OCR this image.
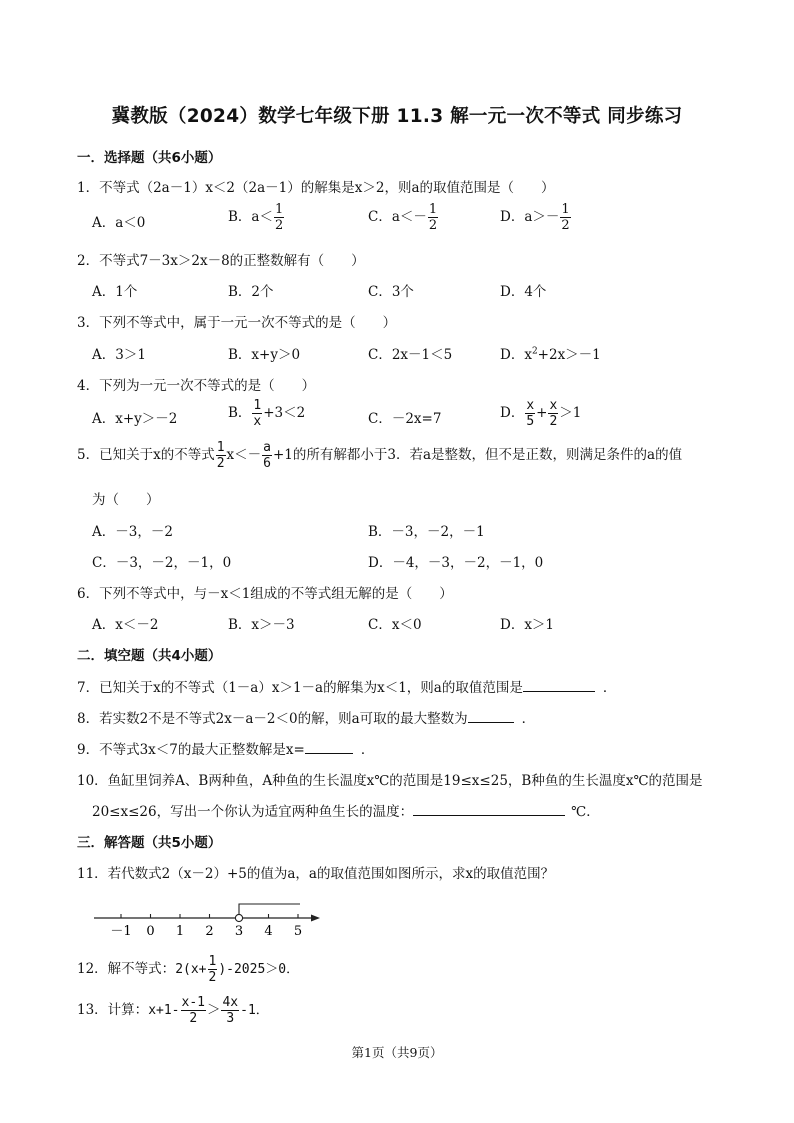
冀教版（2024）数学七年级下册 11.3 解一元一次不等式 同步练习
一．选择题（共6小题）
1．不等式（2a－1）x＜2（2a－1）的解集是x＞2，则a的取值范围是（　　）
A．a＜0	B．$a< \frac{1}{2}$	C．$a<- \frac{1}{2}$	D．$a>- \frac{1}{2}$
2．不等式7－3x＞2x－8的正整数解有（　　）
A．1个	B．2个	C．3个	D．4个
3．下列不等式中，属于一元一次不等式的是（　　）
A．3＞1	B．x+y＞0	C．2x－1＜5	D．$x^2+2x>-1$
4．下列为一元一次不等式的是（　　）
A．x+y＞－2	B． $\frac{1}{x} +3<2$	C．－2x=7	D． $\frac{x}{5} + \frac{x}{2} >1$
5．已知关于x的不等式 $\frac{1}{2} x<- \frac{a}{6} +1$的所有解都小于3．若a是整数，但不是正数，则满足条件的a的值
为（　　）
A．－3，－2	B．－3，－2，－1
C．－3，－2，－1，0	D．－4，－3，－2，－1，0
6．下列不等式中，与－x＜1组成的不等式组无解的是（　　）
A．x＜－2	B．x＞－3	C．x＜0	D．x＞1
二．填空题（共4小题）
7．已知关于x的不等式（1－a）x＞1－a的解集为x＜1，则a的取值范围是	．
8．若实数2不是不等式2x－a－2＜0的解，则a可取的最大整数为	．
9．不等式3x＜7的最大正整数解是x=	．
10．鱼缸里饲养A、B两种鱼，A种鱼的生长温度x℃的范围是19≤x≤25，B种鱼的生长温度x℃的范围是
20≤x≤26，写出一个你认为适宜两种鱼生长的温度：	℃．
三．解答题（共5小题）
11．若代数式2（x－2）+5的值为a，a的取值范围如图所示，求x的取值范围？
－1 0 1 2 3 4 5
12．解不等式：$2(x+ \frac{1}{2} )-2025>0$．
13．计算：$x+1- \frac{x-1}{2} > \frac{4x}{3} -1$．
第1页（共9页）
